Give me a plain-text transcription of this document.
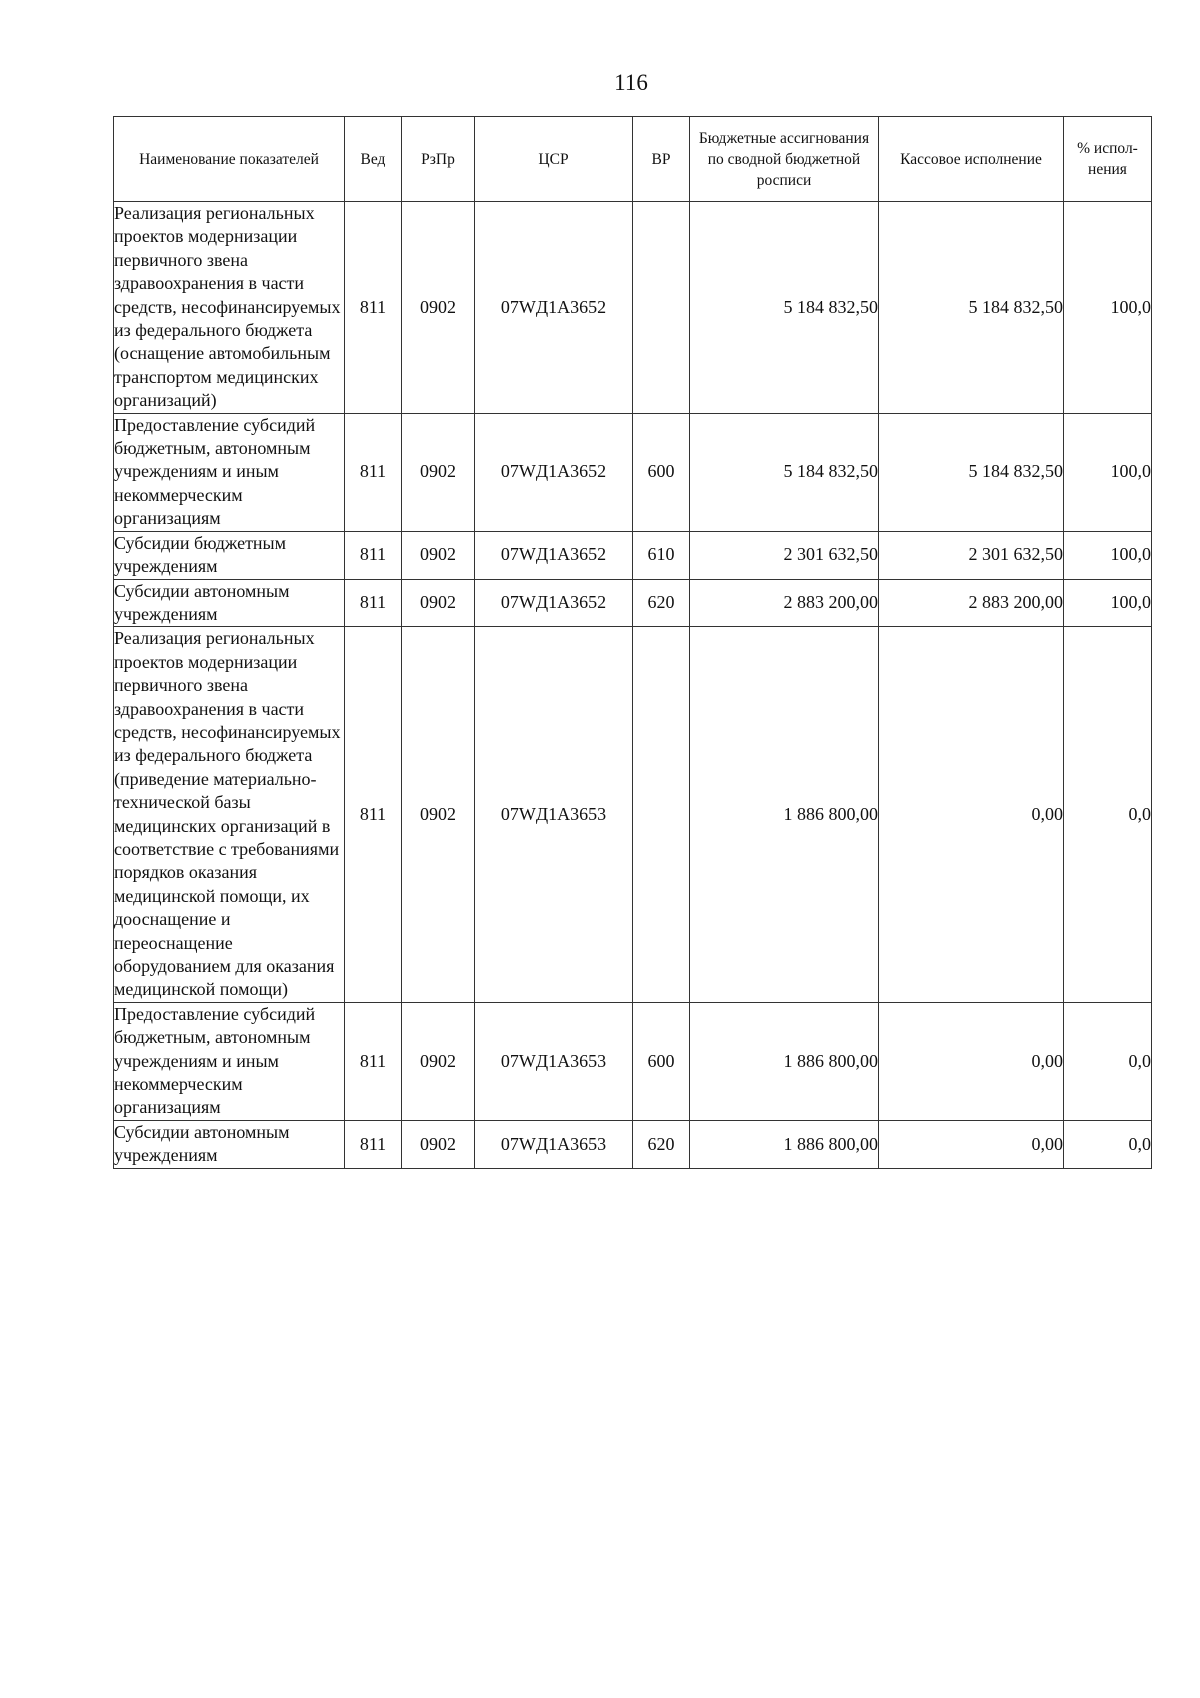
116
Наименование показателей	Вед	РзПр	ЦСР	ВР	Бюджетные ассигнования по сводной бюджетной росписи	Кассовое исполнение	% испол-нения
Реализация региональных проектов модернизации первичного звена здравоохранения в части средств, несофинансируемых из федерального бюджета (оснащение автомобильным транспортом медицинских организаций)	811	0902	07WД1А3652		5 184 832,50	5 184 832,50	100,0
Предоставление субсидий бюджетным, автономным учреждениям и иным некоммерческим организациям	811	0902	07WД1А3652	600	5 184 832,50	5 184 832,50	100,0
Субсидии бюджетным учреждениям	811	0902	07WД1А3652	610	2 301 632,50	2 301 632,50	100,0
Субсидии автономным учреждениям	811	0902	07WД1А3652	620	2 883 200,00	2 883 200,00	100,0
Реализация региональных проектов модернизации первичного звена здравоохранения в части средств, несофинансируемых из федерального бюджета (приведение материально-технической базы медицинских организаций в соответствие с требованиями порядков оказания медицинской помощи, их дооснащение и переоснащение оборудованием для оказания медицинской помощи)	811	0902	07WД1А3653		1 886 800,00	0,00	0,0
Предоставление субсидий бюджетным, автономным учреждениям и иным некоммерческим организациям	811	0902	07WД1А3653	600	1 886 800,00	0,00	0,0
Субсидии автономным учреждениям	811	0902	07WД1А3653	620	1 886 800,00	0,00	0,0
